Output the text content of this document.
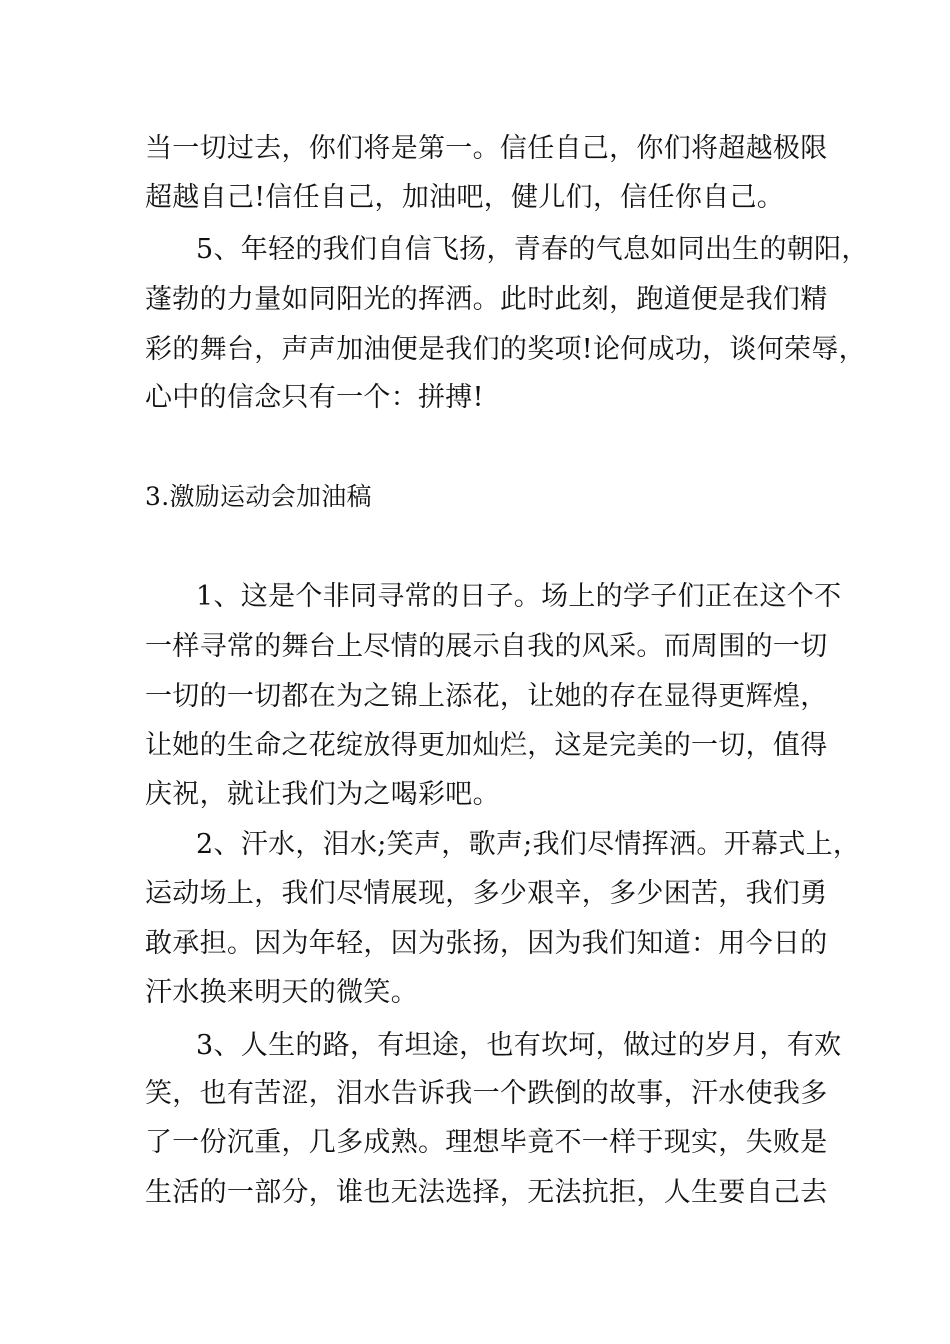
当一切过去，你们将是第一。信任自己，你们将超越极限
超越自己!信任自己，加油吧，健儿们，信任你自己。
5、年轻的我们自信飞扬，青春的气息如同出生的朝阳，
蓬勃的力量如同阳光的挥洒。此时此刻，跑道便是我们精
彩的舞台，声声加油便是我们的奖项!论何成功，谈何荣辱，
心中的信念只有一个：拼搏!
3.激励运动会加油稿
1、这是个非同寻常的日子。场上的学子们正在这个不
一样寻常的舞台上尽情的展示自我的风采。而周围的一切
一切的一切都在为之锦上添花，让她的存在显得更辉煌，
让她的生命之花绽放得更加灿烂，这是完美的一切，值得
庆祝，就让我们为之喝彩吧。
2、汗水，泪水;笑声，歌声;我们尽情挥洒。开幕式上，
运动场上，我们尽情展现，多少艰辛，多少困苦，我们勇
敢承担。因为年轻，因为张扬，因为我们知道：用今日的
汗水换来明天的微笑。
3、人生的路，有坦途，也有坎坷，做过的岁月，有欢
笑，也有苦涩，泪水告诉我一个跌倒的故事，汗水使我多
了一份沉重，几多成熟。理想毕竟不一样于现实，失败是
生活的一部分，谁也无法选择，无法抗拒，人生要自己去
